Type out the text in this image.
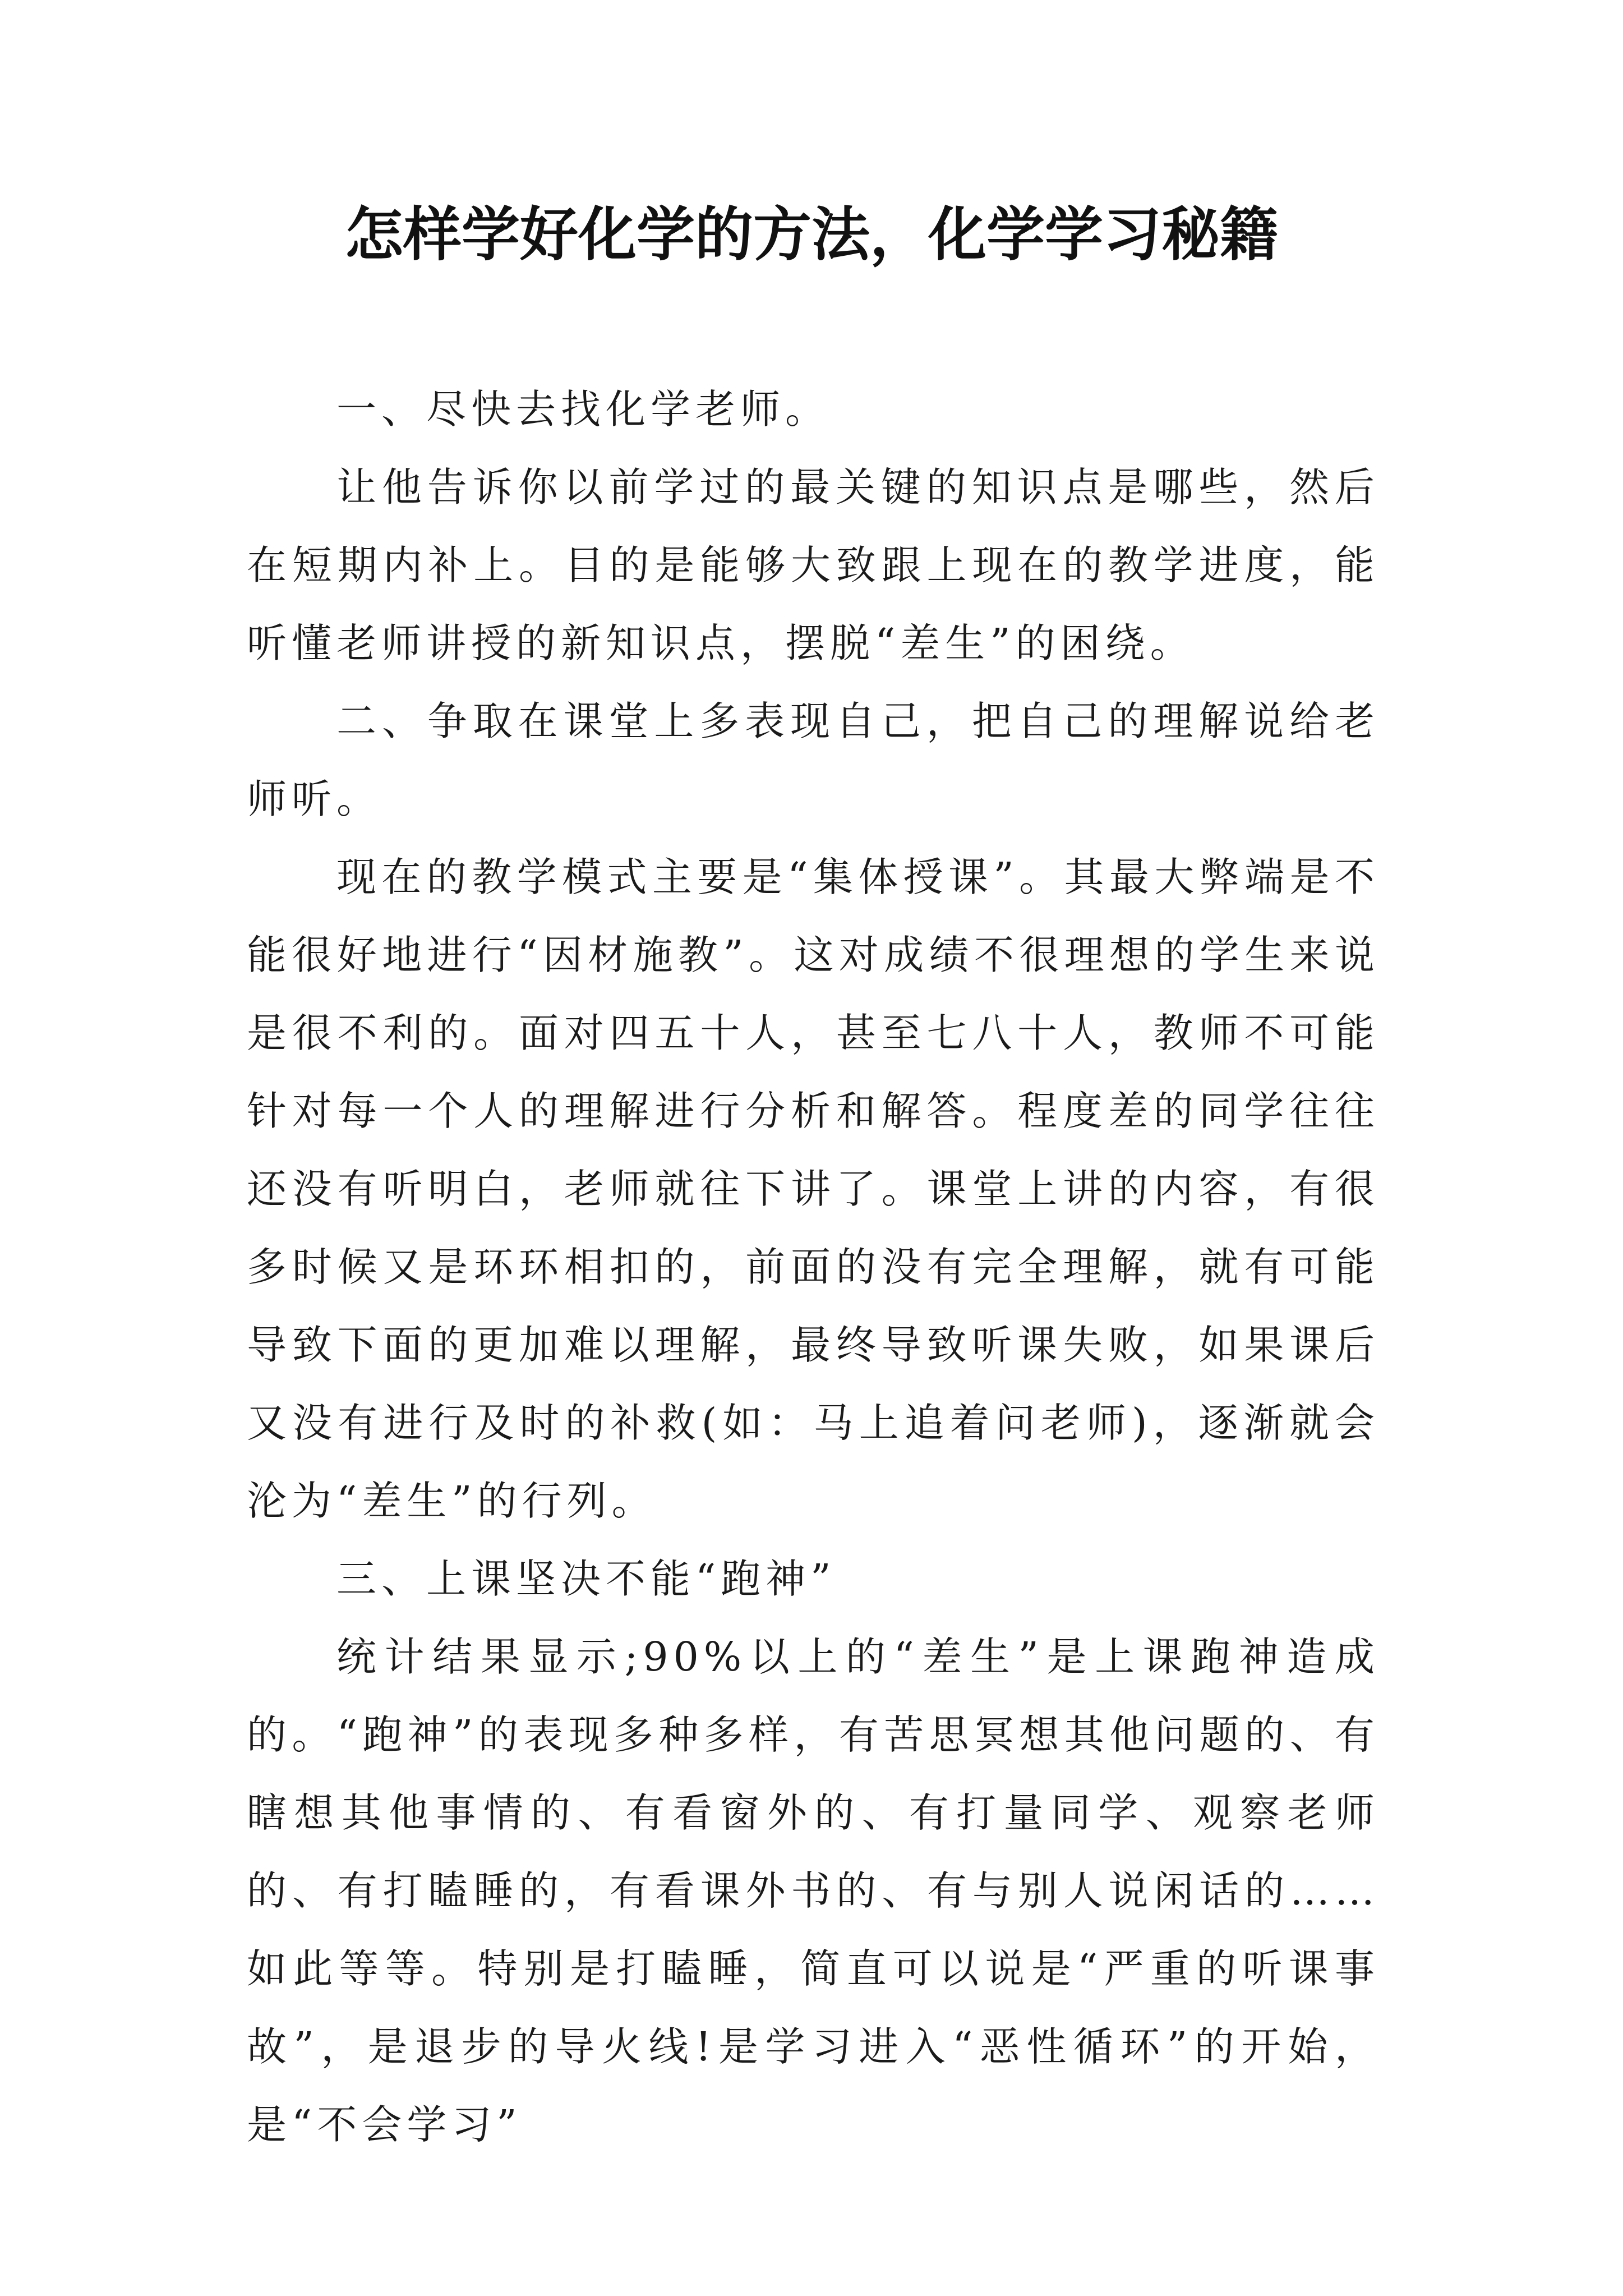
怎样学好化学的方法，化学学习秘籍

一、尽快去找化学老师。

让他告诉你以前学过的最关键的知识点是哪些，然后在短期内补上。目的是能够大致跟上现在的教学进度，能听懂老师讲授的新知识点，摆脱“差生”的困绕。

二、争取在课堂上多表现自己，把自己的理解说给老师听。

现在的教学模式主要是“集体授课”。其最大弊端是不能很好地进行“因材施教”。这对成绩不很理想的学生来说是很不利的。面对四五十人，甚至七八十人，教师不可能针对每一个人的理解进行分析和解答。程度差的同学往往还没有听明白，老师就往下讲了。课堂上讲的内容，有很多时候又是环环相扣的，前面的没有完全理解，就有可能导致下面的更加难以理解，最终导致听课失败，如果课后又没有进行及时的补救(如：马上追着问老师)，逐渐就会沦为“差生”的行列。

三、上课坚决不能“跑神”

统计结果显示;90%以上的“差生”是上课跑神造成的。“跑神”的表现多种多样，有苦思冥想其他问题的、有瞎想其他事情的、有看窗外的、有打量同学、观察老师的、有打瞌睡的，有看课外书的、有与别人说闲话的……如此等等。特别是打瞌睡，简直可以说是“严重的听课事故”，是退步的导火线!是学习进入“恶性循环”的开始，是“不会学习”
